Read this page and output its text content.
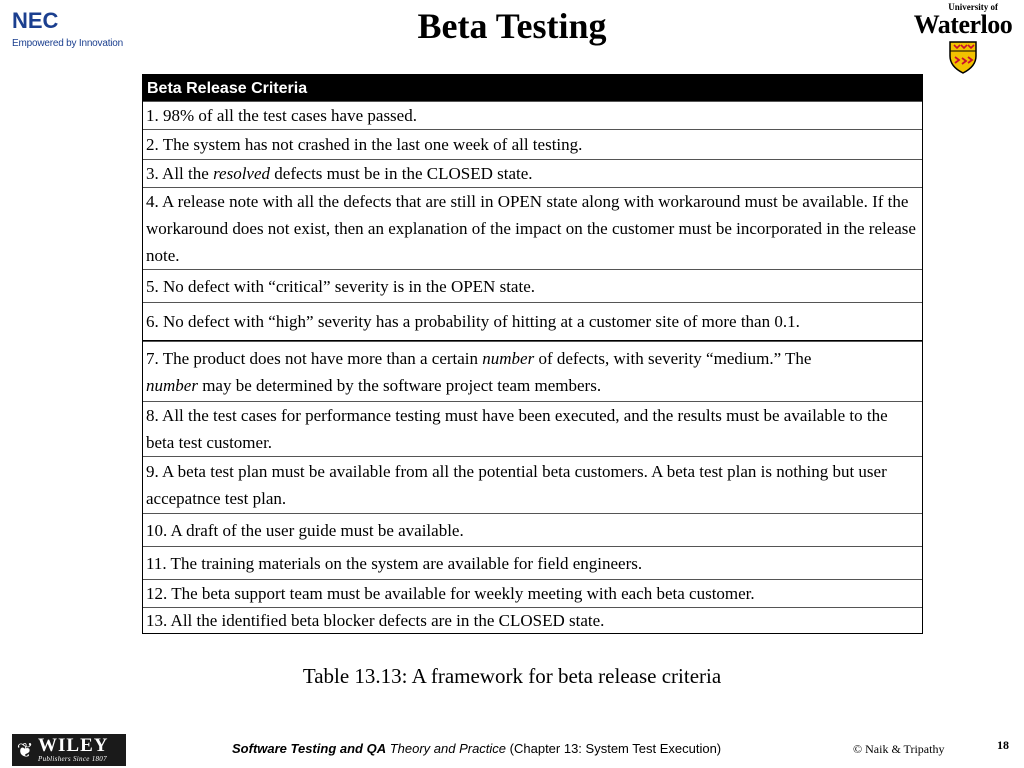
NEC
Empowered by Innovation	Beta Testing	University of
Waterloo
Beta Release Criteria
1. 98% of all the test cases have passed.
2. The system has not crashed in the last one week of all testing.
3. All the resolved defects must be in the CLOSED state.
4. A release note with all the defects that are still in OPEN state along with workaround must be available. If the workaround does not exist, then an explanation of the impact on the customer must be incorporated in the release note.
5. No defect with “critical” severity is in the OPEN state.
6. No defect with “high” severity has a probability of hitting at a customer site of more than 0.1.
7. The product does not have more than a certain number of defects, with severity “medium.” The
number may be determined by the software project team members.
8. All the test cases for performance testing must have been executed, and the results must be available to the beta test customer.
9. A beta test plan must be available from all the potential beta customers. A beta test plan is nothing but user accepatnce test plan.
10. A draft of the user guide must be available.
11. The training materials on the system are available for field engineers.
12. The beta support team must be available for weekly meeting with each beta customer.
13. All the identified beta blocker defects are in the CLOSED state.
Table 13.13: A framework for beta release criteria
❦ WILEY
Publishers Since 1807
Software Testing and QA Theory and Practice (Chapter 13: System Test Execution)	© Naik & Tripathy	18
